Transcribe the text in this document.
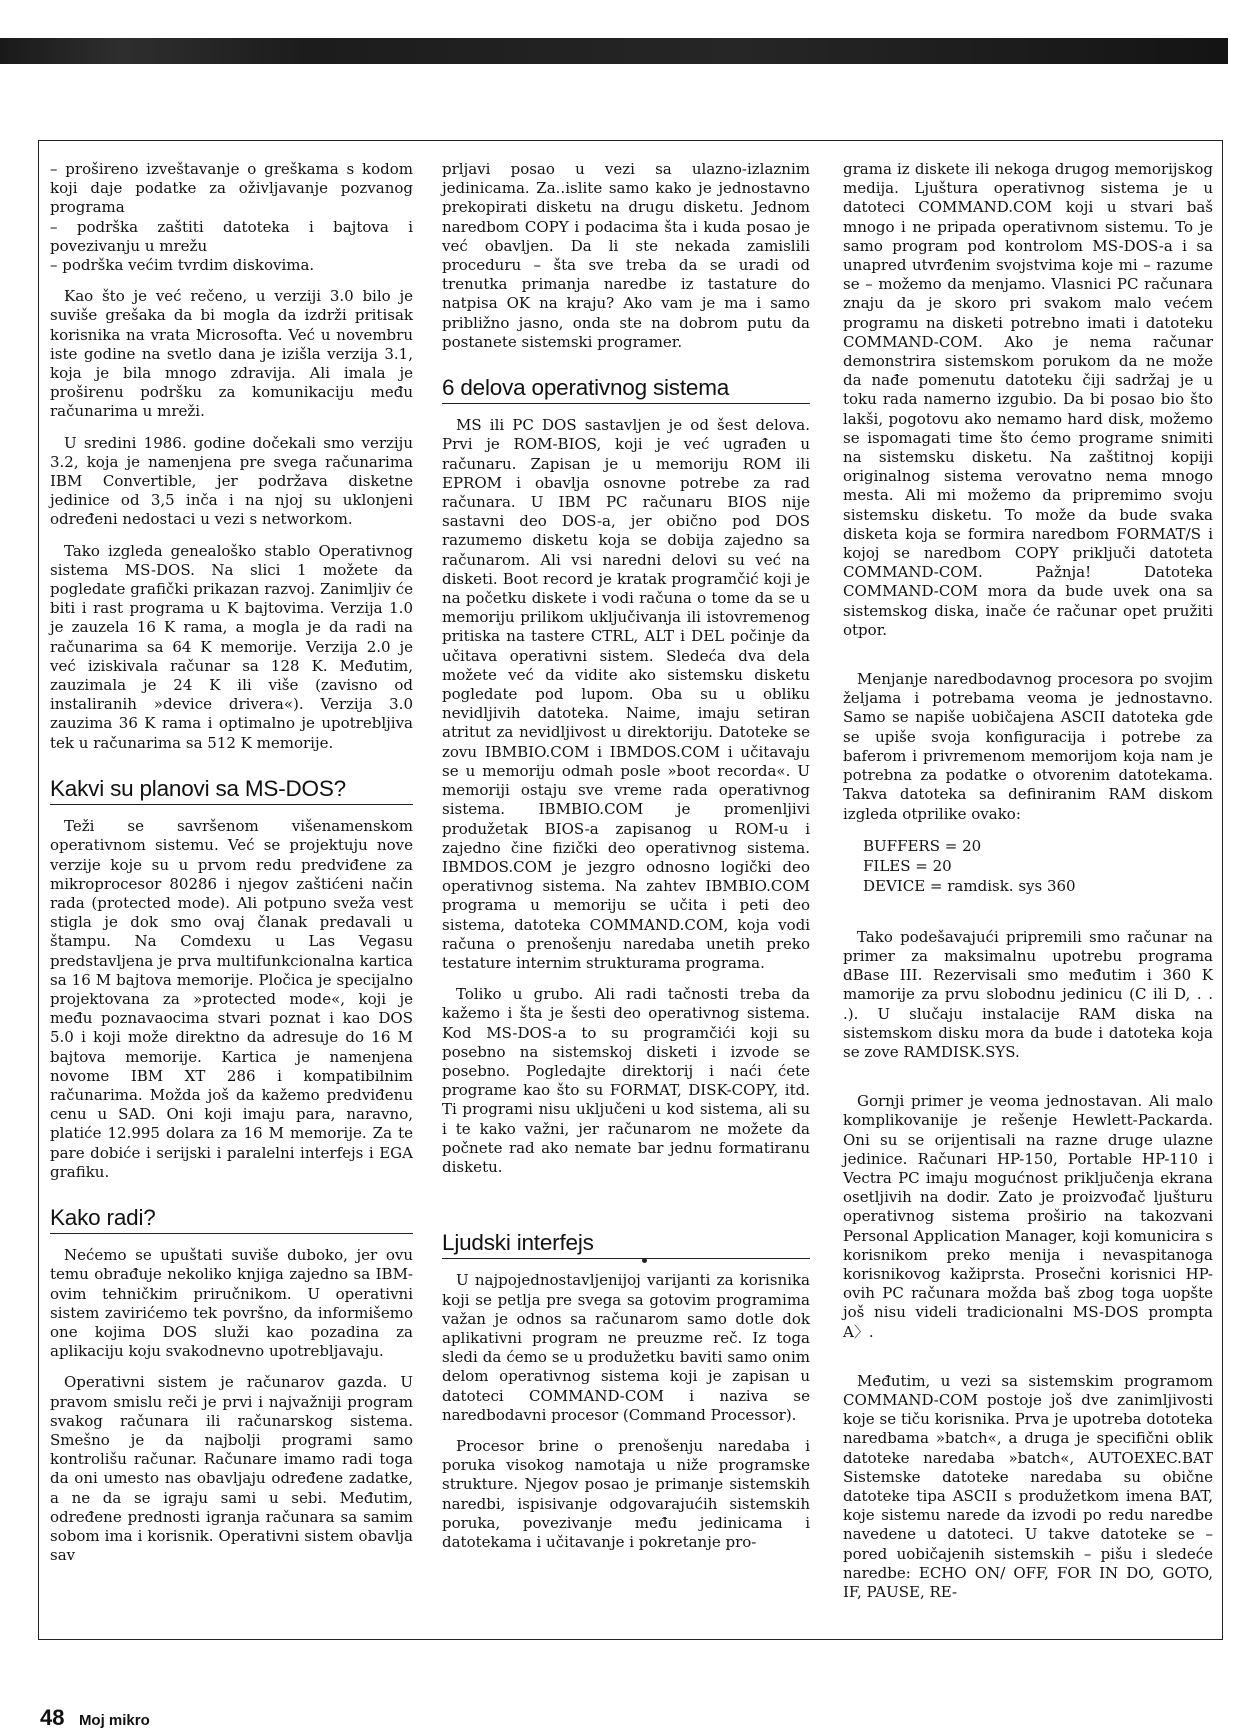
– prošireno izveštavanje o greškama s kodom koji daje podatke za oživljavanje pozvanog programa

– podrška zaštiti datoteka i bajtova i povezivanju u mrežu

– podrška većim tvrdim diskovima.

Kao što je već rečeno, u verziji 3.0 bilo je suviše grešaka da bi mogla da izdrži pritisak korisnika na vrata Microsofta. Već u novembru iste godine na svetlo dana je izišla verzija 3.1, koja je bila mnogo zdravija. Ali imala je proširenu podršku za komunikaciju među računarima u mreži.

U sredini 1986. godine dočekali smo verziju 3.2, koja je namenjena pre svega računarima IBM Convertible, jer podržava disketne jedinice od 3,5 inča i na njoj su uklonjeni određeni nedostaci u vezi s networkom.

Tako izgleda genealoško stablo Operativnog sistema MS-DOS. Na slici 1 možete da pogledate grafički prikazan razvoj. Zanimljiv će biti i rast programa u K bajtovima. Verzija 1.0 je zauzela 16 K rama, a mogla je da radi na računarima sa 64 K memorije. Verzija 2.0 je već iziskivala računar sa 128 K. Međutim, zauzimala je 24 K ili više (zavisno od instaliranih »device drivera«). Verzija 3.0 zauzima 36 K rama i optimalno je upotrebljiva tek u računarima sa 512 K memorije.

Kakvi su planovi sa MS-DOS?

Teži se savršenom višenamenskom operativnom sistemu. Već se projektuju nove verzije koje su u prvom redu predviđene za mikroprocesor 80286 i njegov zaštićeni način rada (protected mode). Ali potpuno sveža vest stigla je dok smo ovaj članak predavali u štampu. Na Comdexu u Las Vegasu predstavljena je prva multifunkcionalna kartica sa 16 M bajtova memorije. Pločica je specijalno projektovana za »protected mode«, koji je među poznavaocima stvari poznat i kao DOS 5.0 i koji može direktno da adresuje do 16 M bajtova memorije. Kartica je namenjena novome IBM XT 286 i kompatibilnim računarima. Možda još da kažemo predviđenu cenu u SAD. Oni koji imaju para, naravno, platiće 12.995 dolara za 16 M memorije. Za te pare dobiće i serijski i paralelni interfejs i EGA grafiku.

Kako radi?

Nećemo se upuštati suviše duboko, jer ovu temu obrađuje nekoliko knjiga zajedno sa IBM-ovim tehničkim priručnikom. U operativni sistem zavirićemo tek površno, da informišemo one kojima DOS služi kao pozadina za aplikaciju koju svakodnevno upotrebljavaju.

Operativni sistem je računarov gazda. U pravom smislu reči je prvi i najvažniji program svakog računara ili računarskog sistema. Smešno je da najbolji programi samo kontrolišu računar. Računare imamo radi toga da oni umesto nas obavljaju određene zadatke, a ne da se igraju sami u sebi. Međutim, određene prednosti igranja računara sa samim sobom ima i korisnik. Operativni sistem obavlja sav

prljavi posao u vezi sa ulazno-izlaznim jedinicama. Za..islite samo kako je jednostavno prekopirati disketu na drugu disketu. Jednom naredbom COPY i podacima šta i kuda posao je već obavljen. Da li ste nekada zamislili proceduru – šta sve treba da se uradi od trenutka primanja naredbe iz tastature do natpisa OK na kraju? Ako vam je ma i samo približno jasno, onda ste na dobrom putu da postanete sistemski programer.

6 delova operativnog sistema

MS ili PC DOS sastavljen je od šest delova. Prvi je ROM-BIOS, koji je već ugrađen u računaru. Zapisan je u memoriju ROM ili EPROM i obavlja osnovne potrebe za rad računara. U IBM PC računaru BIOS nije sastavni deo DOS-a, jer obično pod DOS razumemo disketu koja se dobija zajedno sa računarom. Ali vsi naredni delovi su već na disketi. Boot record je kratak programčić koji je na početku diskete i vodi računa o tome da se u memoriju prilikom uključivanja ili istovremenog pritiska na tastere CTRL, ALT i DEL počinje da učitava operativni sistem. Sledeća dva dela možete već da vidite ako sistemsku disketu pogledate pod lupom. Oba su u obliku nevidljivih datoteka. Naime, imaju setiran atritut za nevidljivost u direktoriju. Datoteke se zovu IBMBIO.COM i IBMDOS.COM i učitavaju se u memoriju odmah posle »boot recorda«. U memoriji ostaju sve vreme rada operativnog sistema. IBMBIO.COM je promenljivi produžetak BIOS-a zapisanog u ROM-u i zajedno čine fizički deo operativnog sistema. IBMDOS.COM je jezgro odnosno logički deo operativnog sistema. Na zahtev IBMBIO.COM programa u memoriju se učita i peti deo sistema, datoteka COMMAND.COM, koja vodi računa o prenošenju naredaba unetih preko testature internim strukturama programa.

Toliko u grubo. Ali radi tačnosti treba da kažemo i šta je šesti deo operativnog sistema. Kod MS-DOS-a to su programčići koji su posebno na sistemskoj disketi i izvode se posebno. Pogledajte direktorij i naći ćete programe kao što su FORMAT, DISK-COPY, itd. Ti programi nisu uključeni u kod sistema, ali su i te kako važni, jer računarom ne možete da počnete rad ako nemate bar jednu formatiranu disketu.

Ljudski interfejs

U najpojednostavljenijoj varijanti za korisnika koji se petlja pre svega sa gotovim programima važan je odnos sa računarom samo dotle dok aplikativni program ne preuzme reč. Iz toga sledi da ćemo se u produžetku baviti samo onim delom operativnog sistema koji je zapisan u datoteci COMMAND-COM i naziva se naredbodavni procesor (Command Processor).

Procesor brine o prenošenju naredaba i poruka visokog namotaja u niže programske strukture. Njegov posao je primanje sistemskih naredbi, ispisivanje odgovarajućih sistemskih poruka, povezivanje među jedinicama i datotekama i učitavanje i pokretanje pro-

grama iz diskete ili nekoga drugog memorijskog medija. Ljuštura operativnog sistema je u datoteci COMMAND.COM koji u stvari baš mnogo i ne pripada operativnom sistemu. To je samo program pod kontrolom MS-DOS-a i sa unapred utvrđenim svojstvima koje mi – razume se – možemo da menjamo. Vlasnici PC računara znaju da je skoro pri svakom malo većem programu na disketi potrebno imati i datoteku COMMAND-COM. Ako je nema računar demonstrira sistemskom porukom da ne može da nađe pomenutu datoteku čiji sadržaj je u toku rada namerno izgubio. Da bi posao bio što lakši, pogotovu ako nemamo hard disk, možemo se ispomagati time što ćemo programe snimiti na sistemsku disketu. Na zaštitnoj kopiji originalnog sistema verovatno nema mnogo mesta. Ali mi možemo da pripremimo svoju sistemsku disketu. To može da bude svaka disketa koja se formira naredbom FORMAT/S i kojoj se naredbom COPY priključi datoteta COMMAND-COM. Pažnja! Datoteka COMMAND-COM mora da bude uvek ona sa sistemskog diska, inače će računar opet pružiti otpor.

Menjanje naredbodavnog procesora po svojim željama i potrebama veoma je jednostavno. Samo se napiše uobičajena ASCII datoteka gde se upiše svoja konfiguracija i potrebe za baferom i privremenom memorijom koja nam je potrebna za podatke o otvorenim datotekama. Takva datoteka sa definiranim RAM diskom izgleda otprilike ovako:

BUFFERS = 20
FILES = 20
DEVICE = ramdisk. sys 360

Tako podešavajući pripremili smo računar na primer za maksimalnu upotrebu programa dBase III. Rezervisali smo međutim i 360 K mamorije za prvu slobodnu jedinicu (C ili D, . . .). U slučaju instalacije RAM diska na sistemskom disku mora da bude i datoteka koja se zove RAMDISK.SYS.

Gornji primer je veoma jednostavan. Ali malo komplikovanije je rešenje Hewlett-Packarda. Oni su se orijentisali na razne druge ulazne jedinice. Računari HP-150, Portable HP-110 i Vectra PC imaju mogućnost priključenja ekrana osetljivih na dodir. Zato je proizvođač ljušturu operativnog sistema proširio na takozvani Personal Application Manager, koji komunicira s korisnikom preko menija i nevaspitanoga korisnikovog kažiprsta. Prosečni korisnici HP-ovih PC računara možda baš zbog toga uopšte još nisu videli tradicionalni MS-DOS prompta A〉.

Međutim, u vezi sa sistemskim programom COMMAND-COM postoje još dve zanimljivosti koje se tiču korisnika. Prva je upotreba dototeka naredbama »batch«, a druga je specifični oblik datoteke naredaba »batch«, AUTOEXEC.BAT Sistemske datoteke naredaba su obične datoteke tipa ASCII s produžetkom imena BAT, koje sistemu narede da izvodi po redu naredbe navedene u datoteci. U takve datoteke se – pored uobičajenih sistemskih – pišu i sledeće naredbe: ECHO ON/ OFF, FOR IN DO, GOTO, IF, PAUSE, RE-

48 Moj mikro
